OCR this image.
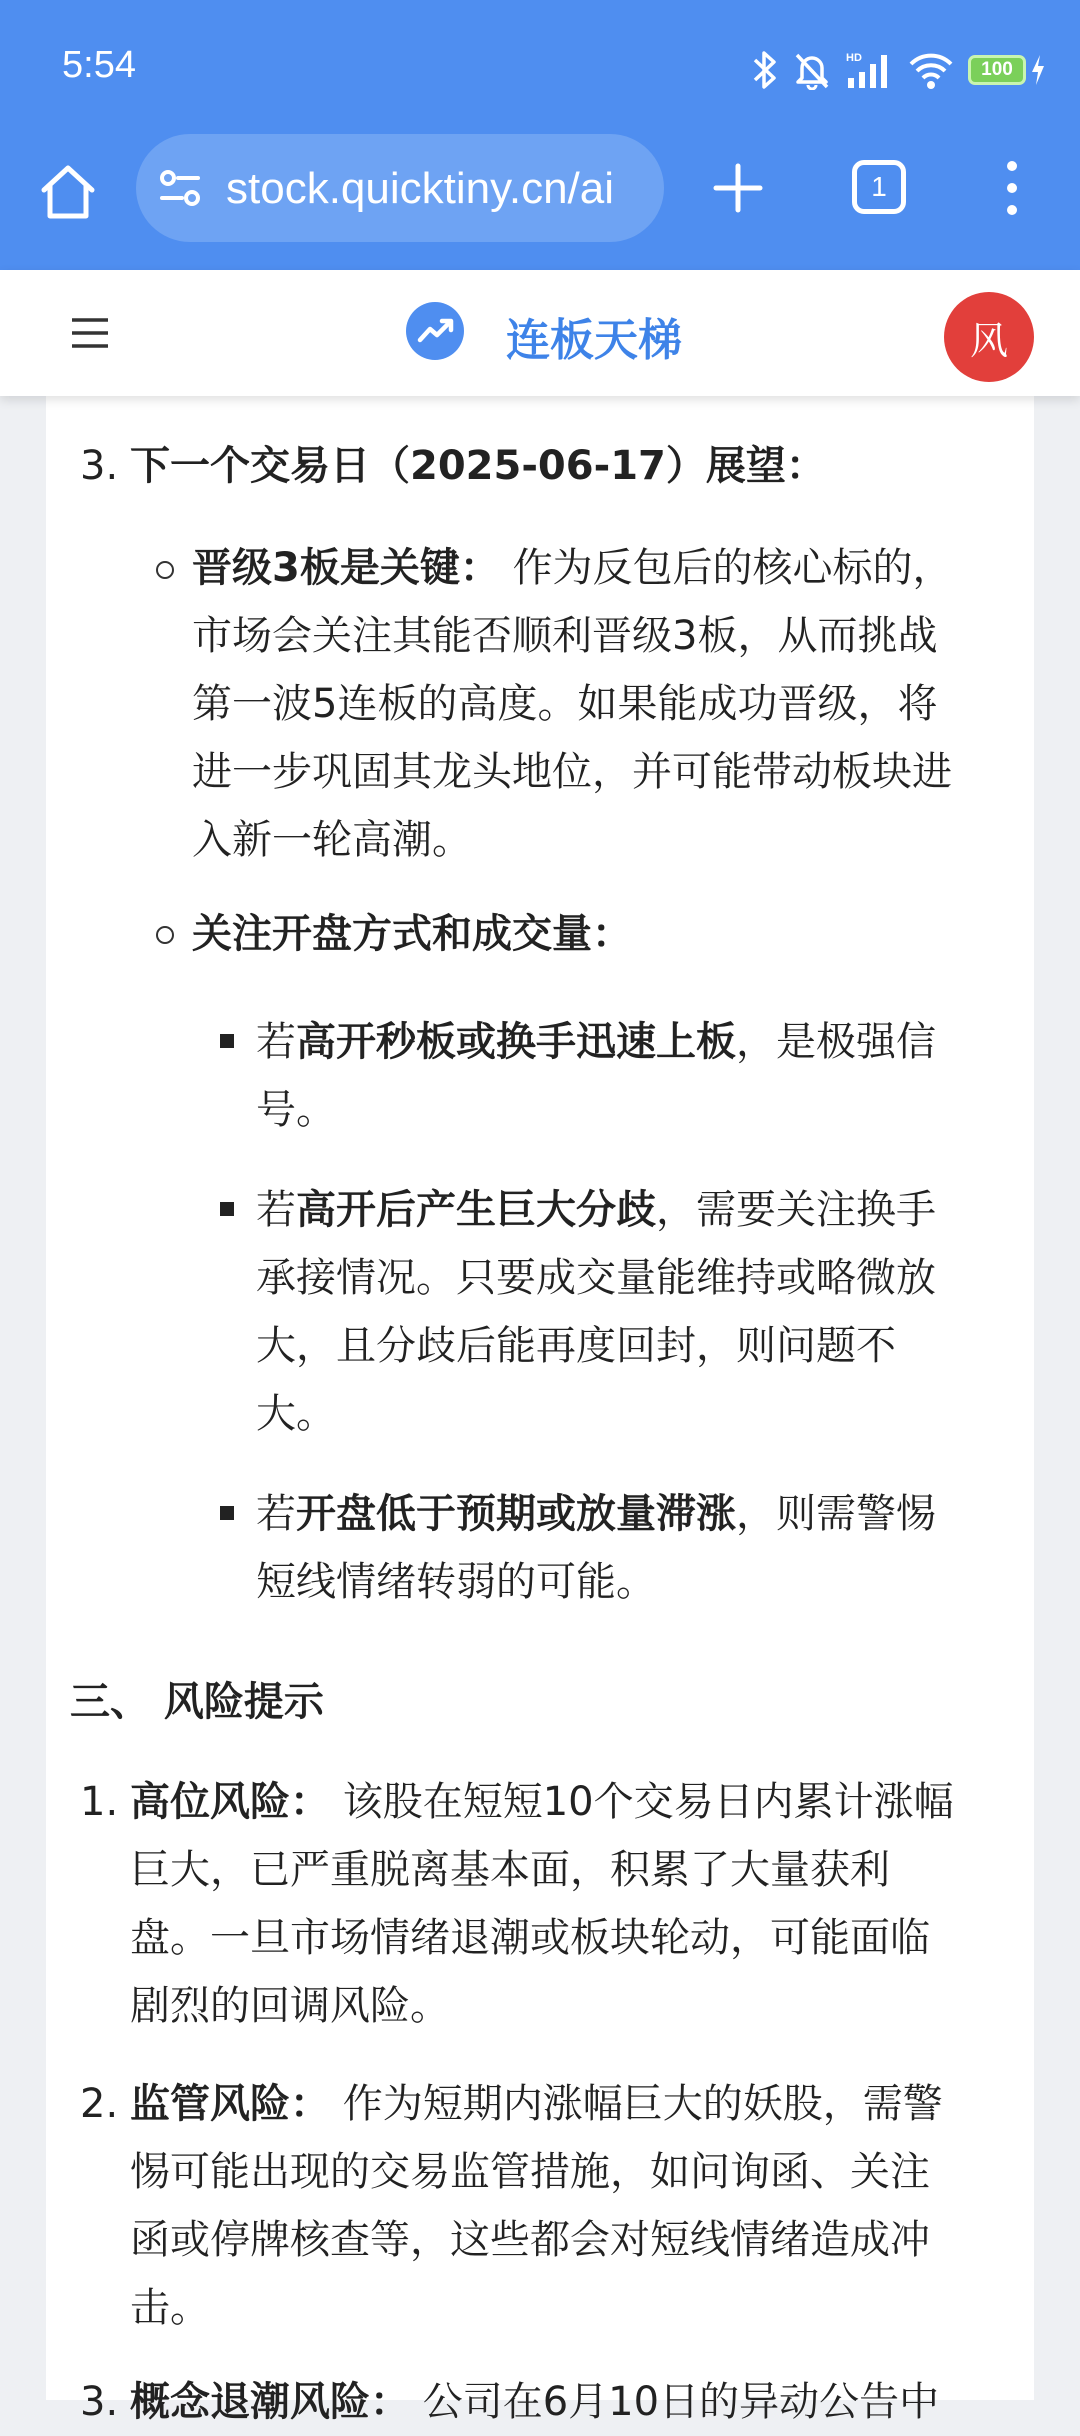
5:54	HD
100
stock.quicktiny.cn/ai	1
连板天梯	风
3. 下一个交易日（2025-06-17）展望：
晋级3板是关键： 作为反包后的核心标的，
市场会关注其能否顺利晋级3板，从而挑战
第一波5连板的高度。如果能成功晋级，将
进一步巩固其龙头地位，并可能带动板块进
入新一轮高潮。
关注开盘方式和成交量：
若高开秒板或换手迅速上板，是极强信
号。
若高开后产生巨大分歧，需要关注换手
承接情况。只要成交量能维持或略微放
大，且分歧后能再度回封，则问题不
大。
若开盘低于预期或放量滞涨，则需警惕
短线情绪转弱的可能。
三、 风险提示
1. 高位风险： 该股在短短10个交易日内累计涨幅
巨大，已严重脱离基本面，积累了大量获利
盘。一旦市场情绪退潮或板块轮动，可能面临
剧烈的回调风险。
2. 监管风险： 作为短期内涨幅巨大的妖股，需警
惕可能出现的交易监管措施，如问询函、关注
函或停牌核查等，这些都会对短线情绪造成冲
击。
3. 概念退潮风险： 公司在6月10日的异动公告中
